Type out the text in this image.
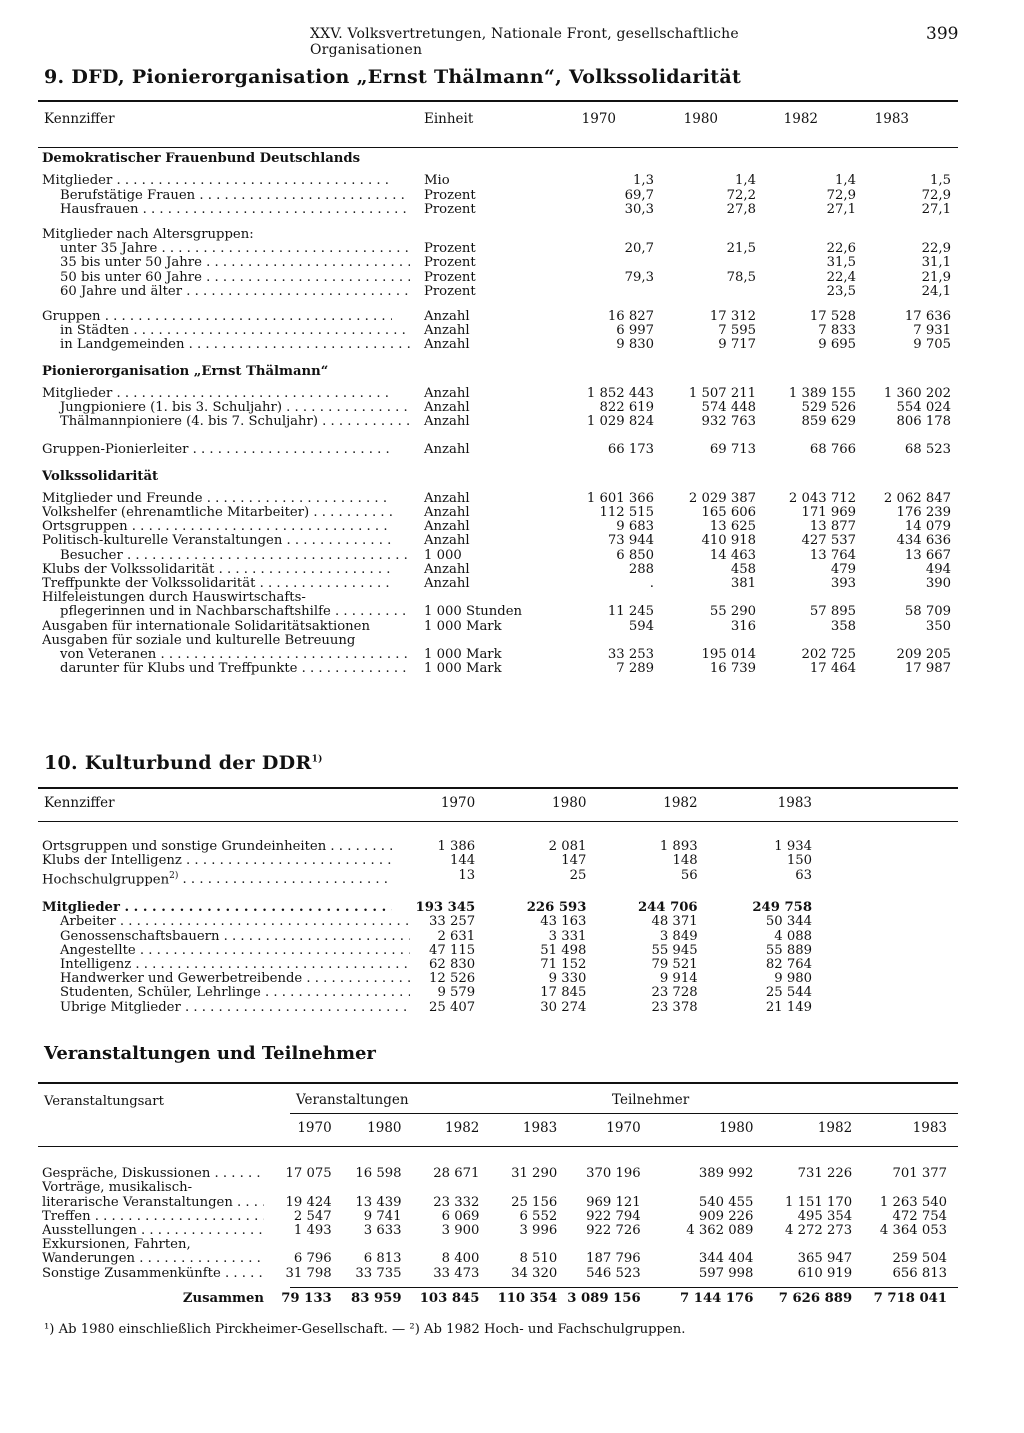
XXV. Volksvertretungen, Nationale Front, gesellschaftliche Organisationen
399
9. DFD, Pionierorganisation „Ernst Thälmann“, Volkssolidarität
Kennziffer	Einheit	1970	1980	1982	1983

Demokratischer Frauenbund Deutschlands					

Mitglieder . . .	Mio	1,3	1,4	1,4	1,5

Berufstätige Frauen . . .	Prozent	69,7	72,2	72,9	72,9

Hausfrauen . . .	Prozent	30,3	27,8	27,1	27,1

Mitglieder nach Altersgruppen:					

unter 35 Jahre . . .	Prozent	20,7	21,5	22,6	22,9

35 bis unter 50 Jahre . . .	Prozent			31,5	31,1

50 bis unter 60 Jahre . . .	Prozent	79,3	78,5	22,4	21,9

60 Jahre und älter . . .	Prozent			23,5	24,1

Gruppen . . .	Anzahl	16 827	17 312	17 528	17 636

in Städten . . .	Anzahl	6 997	7 595	7 833	7 931

in Landgemeinden . . .	Anzahl	9 830	9 717	9 695	9 705
Pionierorganisation „Ernst Thälmann“					

Mitglieder . . .	Anzahl	1 852 443	1 507 211	1 389 155	1 360 202

Jungpioniere (1. bis 3. Schuljahr) . . .	Anzahl	822 619	574 448	529 526	554 024

Thälmannpioniere (4. bis 7. Schuljahr) . . .	Anzahl	1 029 824	932 763	859 629	806 178

Gruppen-Pionierleiter . . .	Anzahl	66 173	69 713	68 766	68 523
Volkssolidarität					

Mitglieder und Freunde . . .	Anzahl	1 601 366	2 029 387	2 043 712	2 062 847

Volkshelfer (ehrenamtliche Mitarbeiter) . . .	Anzahl	112 515	165 606	171 969	176 239

Ortsgruppen . . .	Anzahl	9 683	13 625	13 877	14 079

Politisch-kulturelle Veranstaltungen . . .	Anzahl	73 944	410 918	427 537	434 636

Besucher . . .	1 000	6 850	14 463	13 764	13 667

Klubs der Volkssolidarität . . .	Anzahl	288	458	479	494

Treffpunkte der Volkssolidarität . . .	Anzahl	.	381	393	390

Hilfeleistungen durch Hauswirtschafts-					

pflegerinnen und in Nachbarschaftshilfe . . .	1 000 Stunden	11 245	55 290	57 895	58 709

Ausgaben für internationale Solidaritätsaktionen	1 000 Mark	594	316	358	350

Ausgaben für soziale und kulturelle Betreuung					

von Veteranen . . .	1 000 Mark	33 253	195 014	202 725	209 205

darunter für Klubs und Treffpunkte . . .	1 000 Mark	7 289	16 739	17 464	17 987
10. Kulturbund der DDR$^{1)}$
Kennziffer	1970	1980	1982	1983

Ortsgruppen und sonstige Grundeinheiten . . .	1 386	2 081	1 893	1 934

Klubs der Intelligenz . . .	144	147	148	150

Hochschulgruppen$^{2)}$ . . .	13	25	56	63

Mitglieder . . .	193 345	226 593	244 706	249 758

Arbeiter . . .	33 257	43 163	48 371	50 344

Genossenschaftsbauern . . .	2 631	3 331	3 849	4 088

Angestellte . . .	47 115	51 498	55 945	55 889

Intelligenz . . .	62 830	71 152	79 521	82 764

Handwerker und Gewerbetreibende . . .	12 526	9 330	9 914	9 980

Studenten, Schüler, Lehrlinge . . .	9 579	17 845	23 728	25 544

Übrige Mitglieder . . .	25 407	30 274	23 378	21 149
Veranstaltungen und Teilnehmer
Veranstaltungsart	Veranstaltungen	Teilnehmer
	1970	1980	1982	1983	1970	1980	1982	1983

Gespräche, Diskussionen . . .	17 075	16 598	28 671	31 290	370 196	389 992	731 226	701 377

Vorträge, musikalisch-								

literarische Veranstaltungen . . .	19 424	13 439	23 332	25 156	969 121	540 455	1 151 170	1 263 540

Treffen . . .	2 547	9 741	6 069	6 552	922 794	909 226	495 354	472 754

Ausstellungen . . .	1 493	3 633	3 900	3 996	922 726	4 362 089	4 272 273	4 364 053

Exkursionen, Fahrten,								

Wanderungen . . .	6 796	6 813	8 400	8 510	187 796	344 404	365 947	259 504

Sonstige Zusammenkünfte . . .	31 798	33 735	33 473	34 320	546 523	597 998	610 919	656 813

Zusammen	79 133	83 959	103 845	110 354	3 089 156	7 144 176	7 626 889	7 718 041
¹) Ab 1980 einschließlich Pirckheimer-Gesellschaft. — ²) Ab 1982 Hoch- und Fachschulgruppen.
